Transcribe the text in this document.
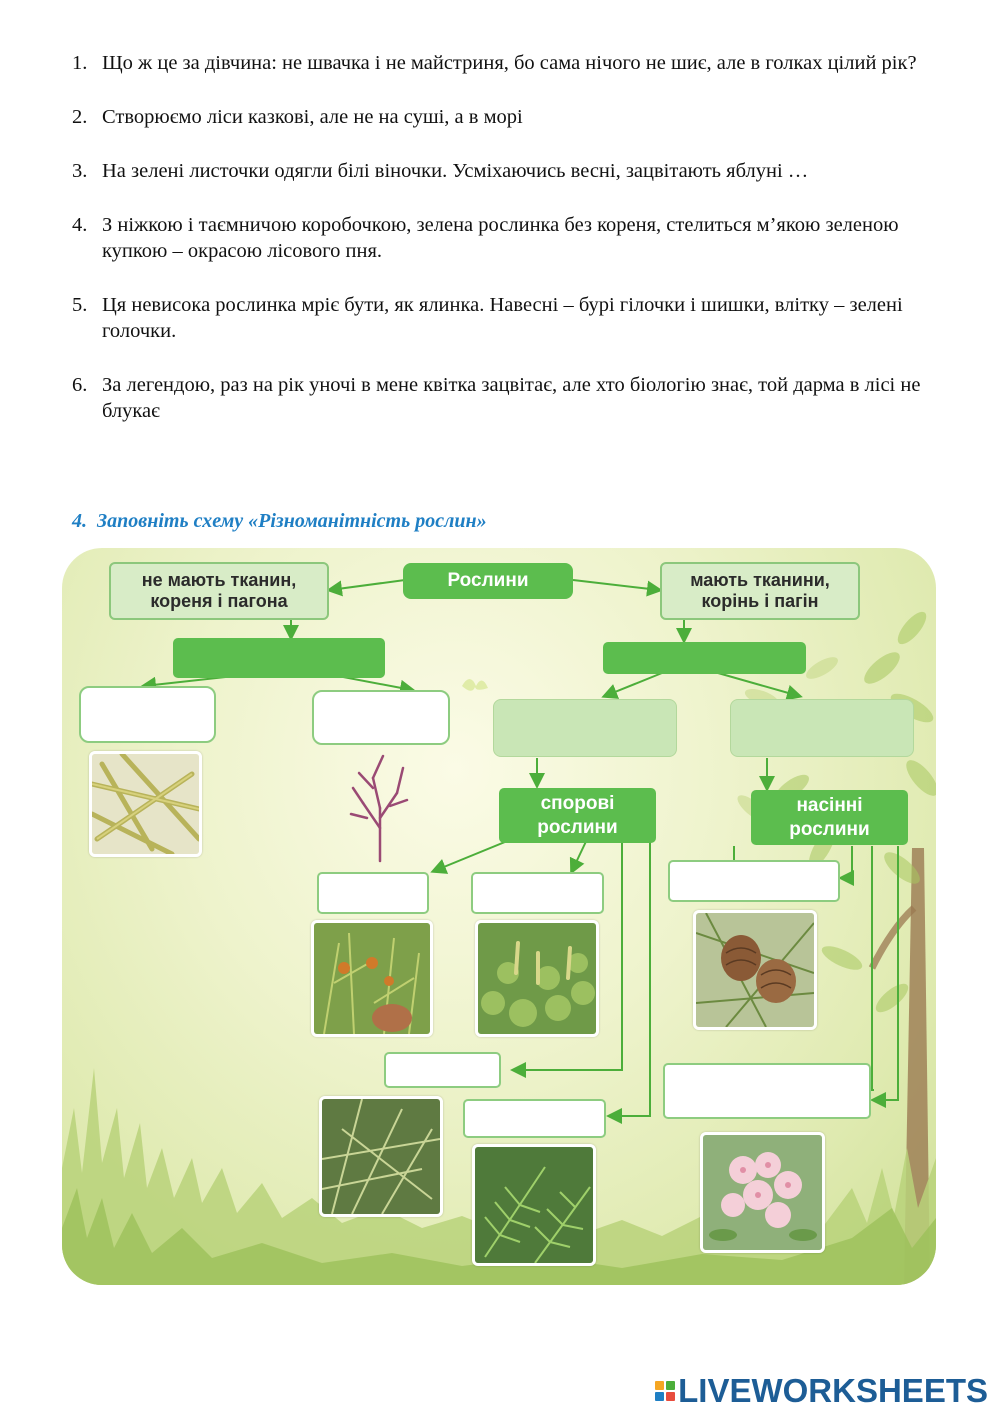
1. Що ж це за дівчина: не швачка і не майстриня, бо сама нічого не шиє, але в голках цілий рік?
2. Створюємо ліси казкові, але не на суші, а в морі
3. На зелені листочки одягли білі віночки. Усміхаючись весні, зацвітають яблуні …
4. З ніжкою і таємничою коробочкою, зелена рослинка без кореня, стелиться м’якою зеленою купкою – окрасою лісового пня.
5. Ця невисока рослинка мріє бути, як ялинка. Навесні – бурі гілочки і шишки, влітку – зелені голочки.
6. За легендою, раз на рік уночі в мене квітка зацвітає, але хто біологію знає, той дарма в лісі не блукає

4. Заповніть схему «Різноманітність рослин»

Рослини
не мають тканин, кореня і пагона
мають тканини, корінь і пагін
спорові рослини
насінні рослини
LIVEWORKSHEETS
